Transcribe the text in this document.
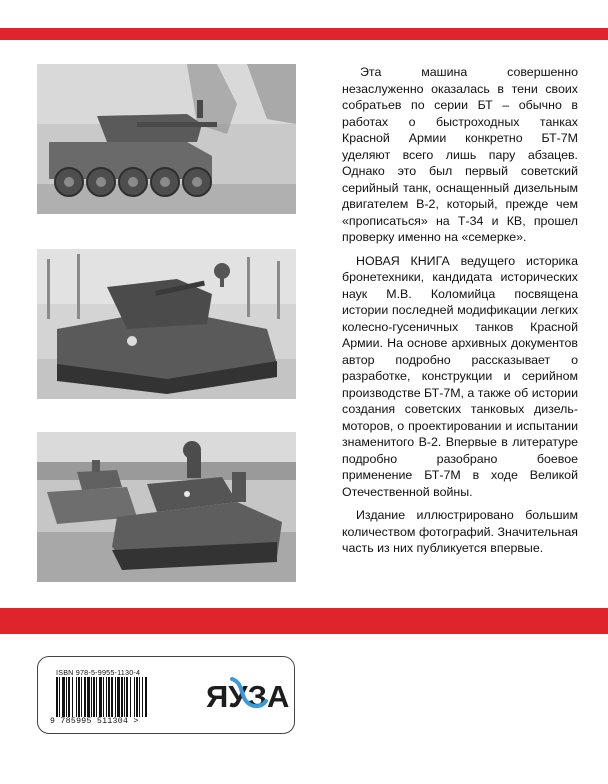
Эта машина совершенно незаслуженно оказалась в тени своих собратьев по серии БТ – обычно в работах о быстроходных танках Красной Армии конкретно БТ-7М уделяют всего лишь пару абзацев. Однако это был первый советский серийный танк, оснащенный дизельным двигателем В-2, который, прежде чем «прописаться» на Т-34 и КВ, прошел проверку именно на «семерке».

НОВАЯ КНИГА ведущего историка бронетехники, кандидата исторических наук М.В. Коломийца посвящена истории последней модификации легких колесно-гусеничных танков Красной Армии. На основе архивных документов автор подробно рассказывает о разработке, конструкции и серийном производстве БТ-7М, а также об истории создания советских танковых дизель-моторов, о проектировании и испытании знаменитого В-2. Впервые в литературе подробно разобрано боевое применение БТ-7М в ходе Великой Отечественной войны.

Издание иллюстрировано большим количеством фотографий. Значительная часть из них публикуется впервые.

ISBN 978-5-9955-1130-4
9 785995 511304 >
ЯУЗА
